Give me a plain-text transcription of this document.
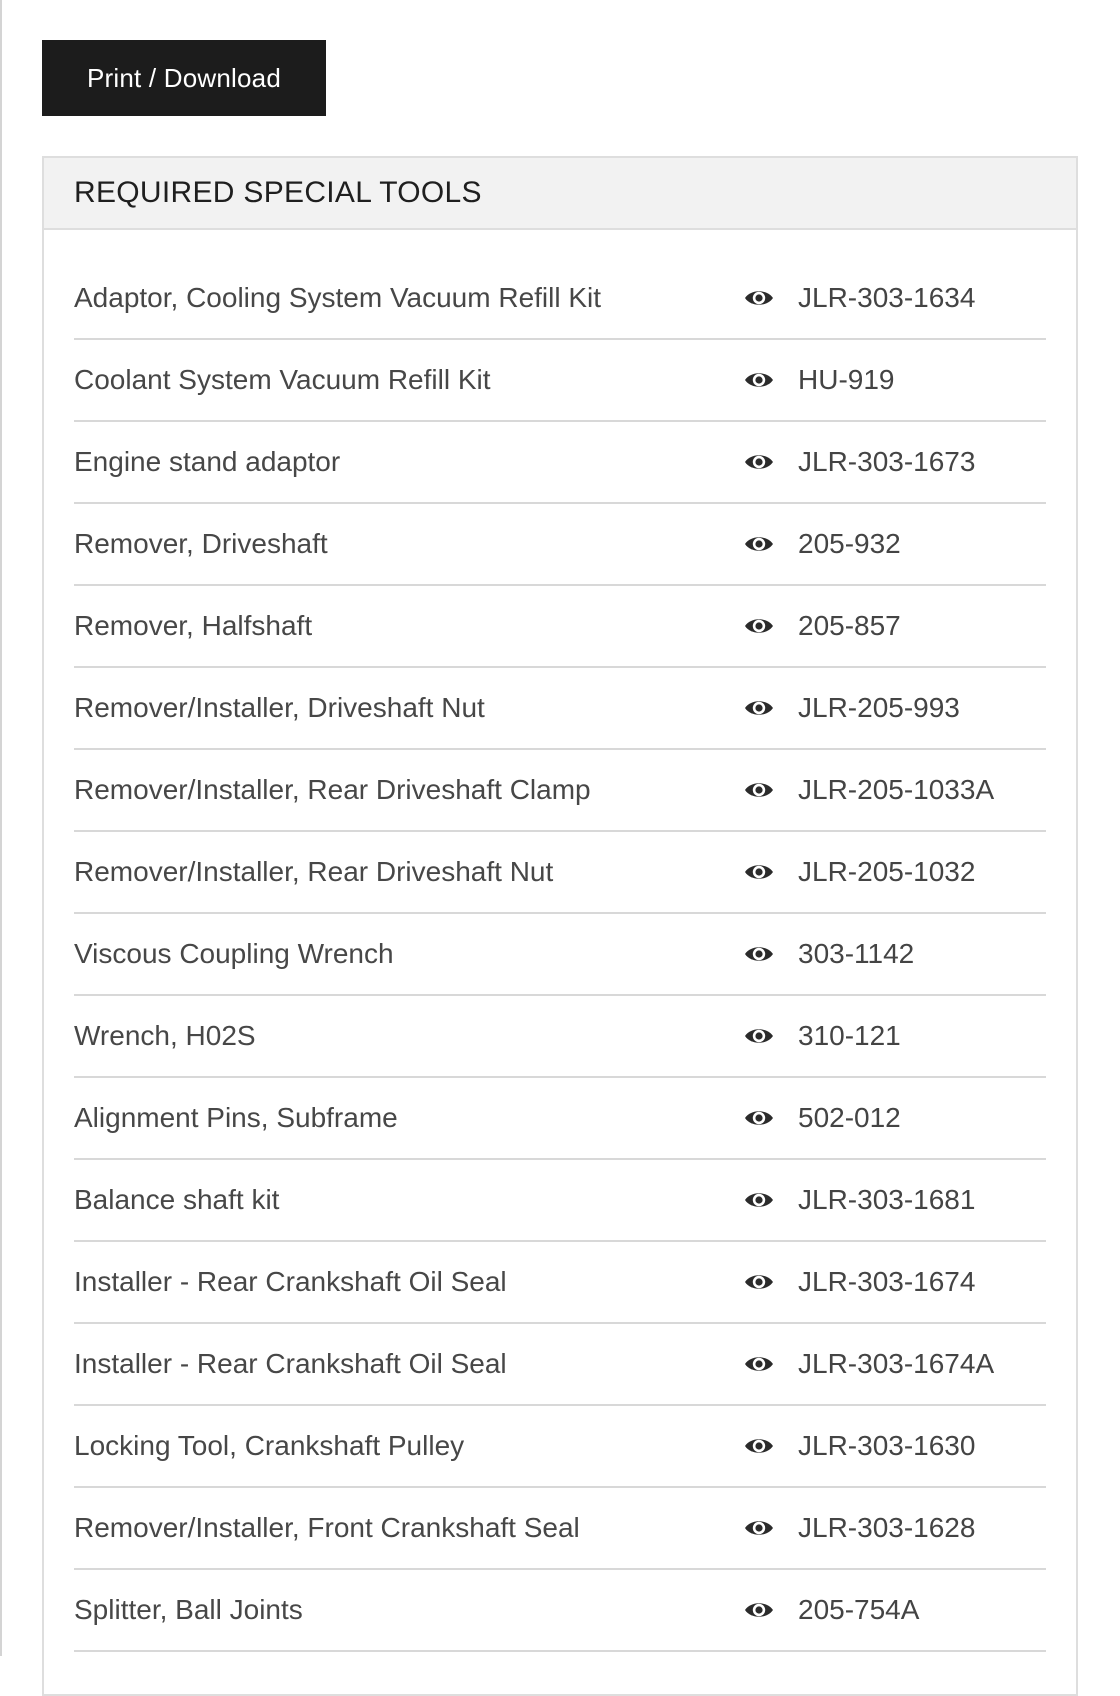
Print / Download
REQUIRED SPECIAL TOOLS
Adaptor, Cooling System Vacuum Refill Kit	JLR-303-1634
Coolant System Vacuum Refill Kit	HU-919
Engine stand adaptor	JLR-303-1673
Remover, Driveshaft	205-932
Remover, Halfshaft	205-857
Remover/Installer, Driveshaft Nut	JLR-205-993
Remover/Installer, Rear Driveshaft Clamp	JLR-205-1033A
Remover/Installer, Rear Driveshaft Nut	JLR-205-1032
Viscous Coupling Wrench	303-1142
Wrench, H02S	310-121
Alignment Pins, Subframe	502-012
Balance shaft kit	JLR-303-1681
Installer - Rear Crankshaft Oil Seal	JLR-303-1674
Installer - Rear Crankshaft Oil Seal	JLR-303-1674A
Locking Tool, Crankshaft Pulley	JLR-303-1630
Remover/Installer, Front Crankshaft Seal	JLR-303-1628
Splitter, Ball Joints	205-754A
